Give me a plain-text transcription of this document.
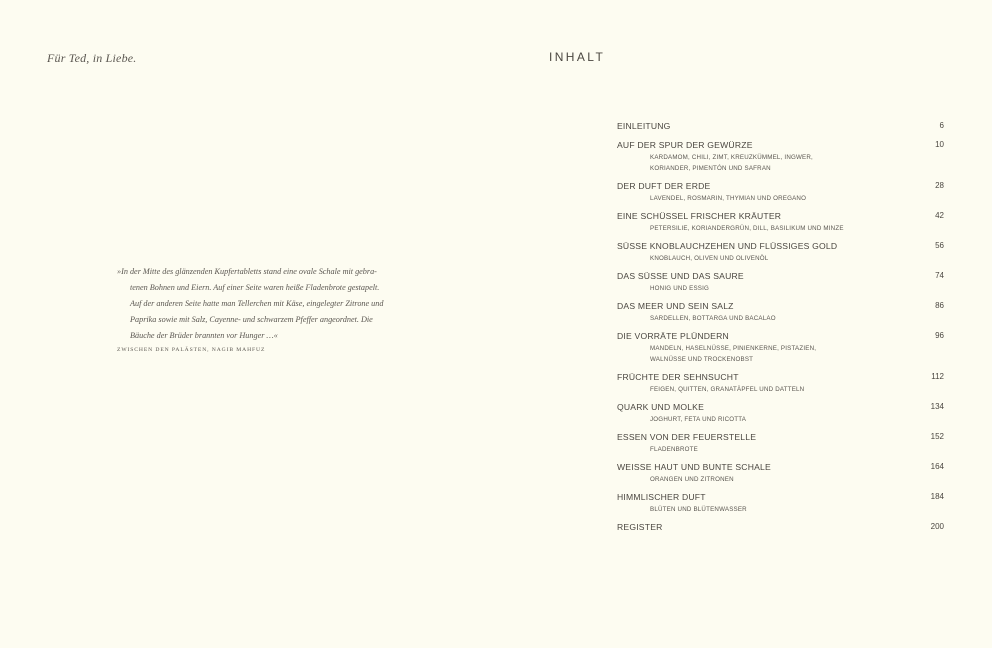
Für Ted, in Liebe.
»In der Mitte des glänzenden Kupfertabletts stand eine ovale Schale mit gebra-
tenen Bohnen und Eiern. Auf einer Seite waren heiße Fladenbrote gestapelt.
Auf der anderen Seite hatte man Tellerchen mit Käse, eingelegter Zitrone und
Paprika sowie mit Salz, Cayenne- und schwarzem Pfeffer angeordnet. Die
Bäuche der Brüder brannten vor Hunger …«
ZWISCHEN DEN PALÄSTEN, NAGIB MAHFUZ
INHALT
EINLEITUNG	6
AUF DER SPUR DER GEWÜRZE	10
KARDAMOM, CHILI, ZIMT, KREUZKÜMMEL, INGWER,
KORIANDER, PIMENTÓN UND SAFRAN
DER DUFT DER ERDE	28
LAVENDEL, ROSMARIN, THYMIAN UND OREGANO
EINE SCHÜSSEL FRISCHER KRÄUTER	42
PETERSILIE, KORIANDERGRÜN, DILL, BASILIKUM UND MINZE
SÜSSE KNOBLAUCHZEHEN UND FLÜSSIGES GOLD	56
KNOBLAUCH, OLIVEN UND OLIVENÖL
DAS SÜSSE UND DAS SAURE	74
HONIG UND ESSIG
DAS MEER UND SEIN SALZ	86
SARDELLEN, BOTTARGA UND BACALAO
DIE VORRÄTE PLÜNDERN	96
MANDELN, HASELNÜSSE, PINIENKERNE, PISTAZIEN,
WALNÜSSE UND TROCKENOBST
FRÜCHTE DER SEHNSUCHT	112
FEIGEN, QUITTEN, GRANATÄPFEL UND DATTELN
QUARK UND MOLKE	134
JOGHURT, FETA UND RICOTTA
ESSEN VON DER FEUERSTELLE	152
FLADENBROTE
WEISSE HAUT UND BUNTE SCHALE	164
ORANGEN UND ZITRONEN
HIMMLISCHER DUFT	184
BLÜTEN UND BLÜTENWASSER
REGISTER	200
